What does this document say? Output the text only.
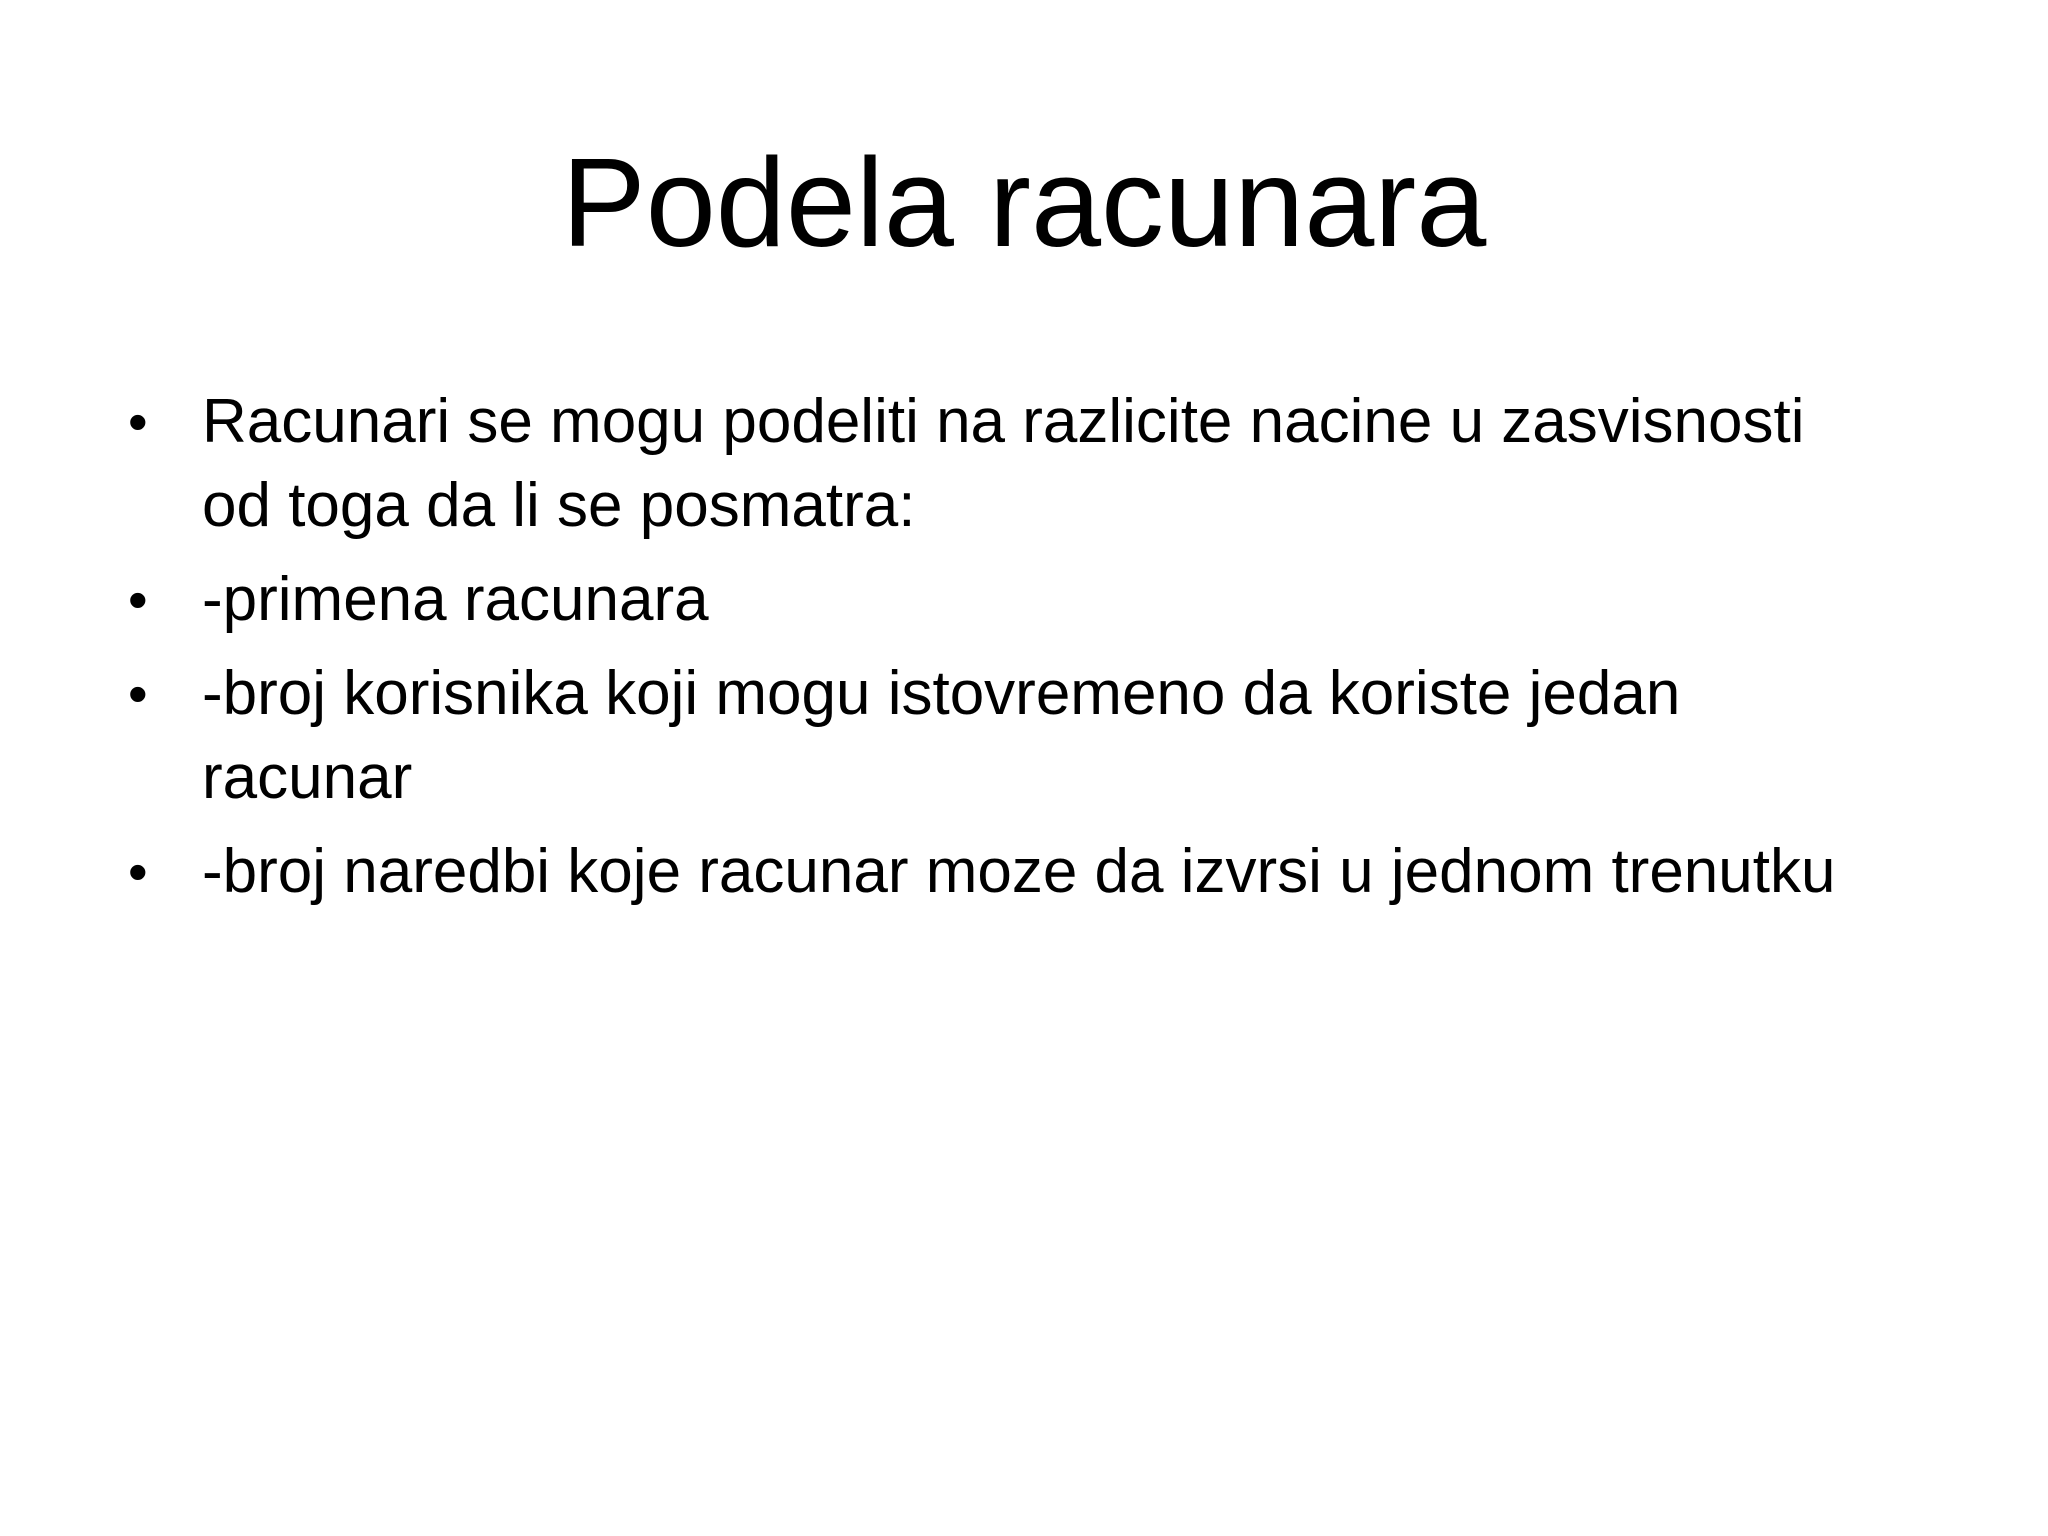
Podela racunara
• Racunari se mogu podeliti na razlicite nacine u zasvisnosti od toga da li se posmatra:
• -primena racunara
• -broj korisnika koji mogu istovremeno da koriste jedan racunar
• -broj naredbi koje racunar moze da izvrsi u jednom trenutku
